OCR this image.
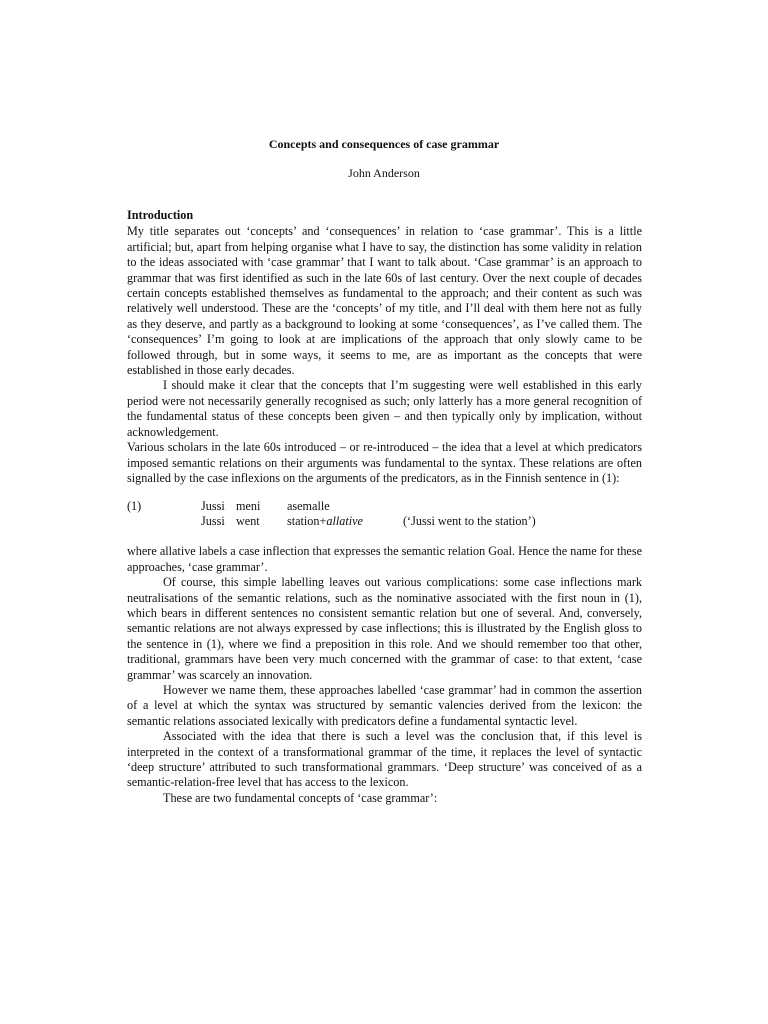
Concepts and consequences of case grammar
John Anderson
Introduction

My title separates out ‘concepts’ and ‘consequences’ in relation to ‘case grammar’. This is a little artificial; but, apart from helping organise what I have to say, the distinction has some validity in relation to the ideas associated with ‘case grammar’ that I want to talk about. ‘Case grammar’ is an approach to grammar that was first identified as such in the late 60s of last century. Over the next couple of decades certain concepts established themselves as fundamental to the approach; and their content as such was relatively well understood. These are the ‘concepts’ of my title, and I’ll deal with them here not as fully as they deserve, and partly as a background to looking at some ‘consequences’, as I’ve called them. The ‘consequences’ I’m going to look at are implications of the approach that only slowly came to be followed through, but in some ways, it seems to me, are as important as the concepts that were established in those early decades.

I should make it clear that the concepts that I’m suggesting were well established in this early period were not necessarily generally recognised as such; only latterly has a more general recognition of the fundamental status of these concepts been given – and then typically only by implication, without acknowledgement.

Various scholars in the late 60s introduced – or re-introduced – the idea that a level at which predicators imposed semantic relations on their arguments was fundamental to the syntax. These relations are often signalled by the case inflexions on the arguments of the predicators, as in the Finnish sentence in (1):

(1)	Jussi meni asemalle
Jussi went station+allative	(‘Jussi went to the station’)

where allative labels a case inflection that expresses the semantic relation Goal. Hence the name for these approaches, ‘case grammar’.

Of course, this simple labelling leaves out various complications: some case inflections mark neutralisations of the semantic relations, such as the nominative associated with the first noun in (1), which bears in different sentences no consistent semantic relation but one of several. And, conversely, semantic relations are not always expressed by case inflections; this is illustrated by the English gloss to the sentence in (1), where we find a preposition in this role. And we should remember too that other, traditional, grammars have been very much concerned with the grammar of case: to that extent, ‘case grammar’ was scarcely an innovation.

However we name them, these approaches labelled ‘case grammar’ had in common the assertion of a level at which the syntax was structured by semantic valencies derived from the lexicon: the semantic relations associated lexically with predicators define a fundamental syntactic level.

Associated with the idea that there is such a level was the conclusion that, if this level is interpreted in the context of a transformational grammar of the time, it replaces the level of syntactic ‘deep structure’ attributed to such transformational grammars. ‘Deep structure’ was conceived of as a semantic-relation-free level that has access to the lexicon.

These are two fundamental concepts of ‘case grammar’:
